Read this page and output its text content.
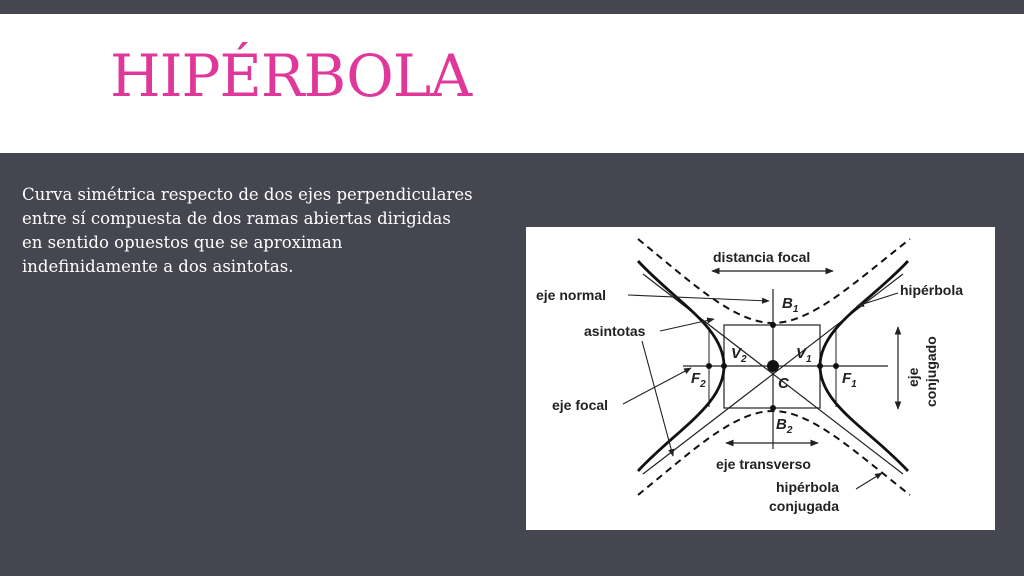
HIPÉRBOLA

Curva simétrica respecto de dos ejes perpendiculares
entre sí compuesta de dos ramas abiertas dirigidas
en sentido opuestos que se aproximan
indefinidamente a dos asintotas.	distancia focal
eje transverso
eje conjugado
eje normal
asintotas
eje focal
hipérbola
hipérbola
conjugada
$B_1$
$B_2$
$V_2$	$V_1$
$F_2$	$F_1$
C
